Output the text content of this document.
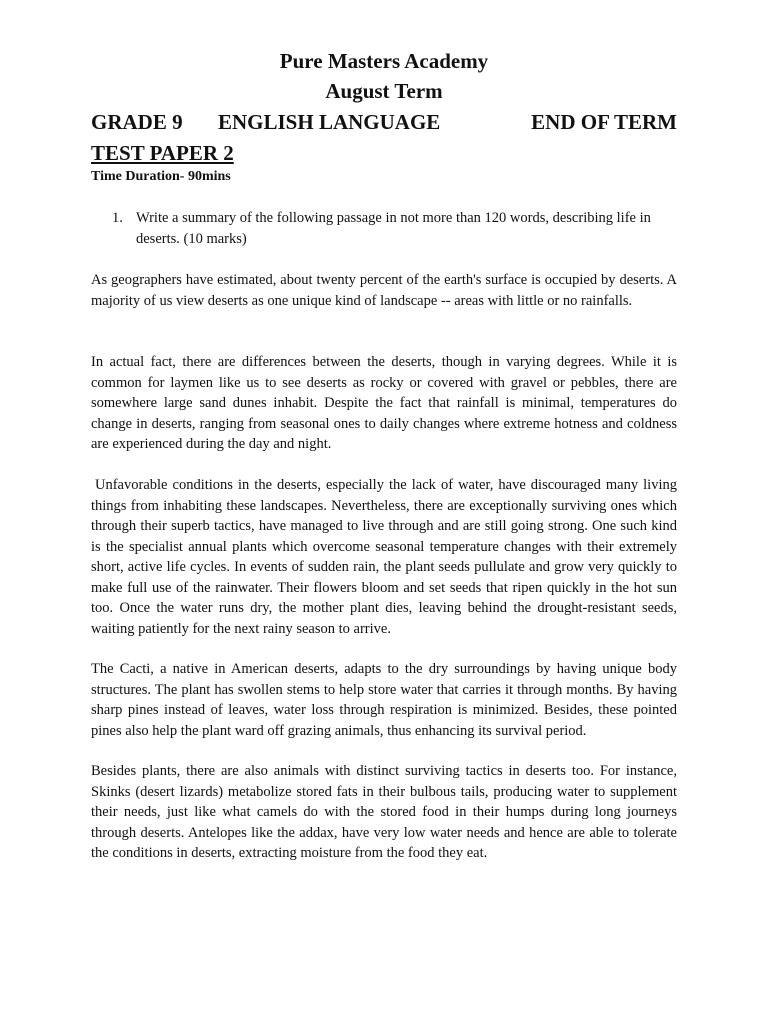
Pure Masters Academy
August Term
GRADE 9 ENGLISH LANGUAGE	END OF TERM
TEST PAPER 2
Time Duration- 90mins
1. Write a summary of the following passage in not more than 120 words, describing life in deserts. (10 marks)

As geographers have estimated, about twenty percent of the earth's surface is occupied by deserts. A majority of us view deserts as one unique kind of landscape -- areas with little or no rainfalls.

In actual fact, there are differences between the deserts, though in varying degrees. While it is common for laymen like us to see deserts as rocky or covered with gravel or pebbles, there are somewhere large sand dunes inhabit. Despite the fact that rainfall is minimal, temperatures do change in deserts, ranging from seasonal ones to daily changes where extreme hotness and coldness are experienced during the day and night.

Unfavorable conditions in the deserts, especially the lack of water, have discouraged many living things from inhabiting these landscapes. Nevertheless, there are exceptionally surviving ones which through their superb tactics, have managed to live through and are still going strong. One such kind is the specialist annual plants which overcome seasonal temperature changes with their extremely short, active life cycles. In events of sudden rain, the plant seeds pullulate and grow very quickly to make full use of the rainwater. Their flowers bloom and set seeds that ripen quickly in the hot sun too. Once the water runs dry, the mother plant dies, leaving behind the drought-resistant seeds, waiting patiently for the next rainy season to arrive.

The Cacti, a native in American deserts, adapts to the dry surroundings by having unique body structures. The plant has swollen stems to help store water that carries it through months. By having sharp pines instead of leaves, water loss through respiration is minimized. Besides, these pointed pines also help the plant ward off grazing animals, thus enhancing its survival period.

Besides plants, there are also animals with distinct surviving tactics in deserts too. For instance, Skinks (desert lizards) metabolize stored fats in their bulbous tails, producing water to supplement their needs, just like what camels do with the stored food in their humps during long journeys through deserts. Antelopes like the addax, have very low water needs and hence are able to tolerate the conditions in deserts, extracting moisture from the food they eat.
